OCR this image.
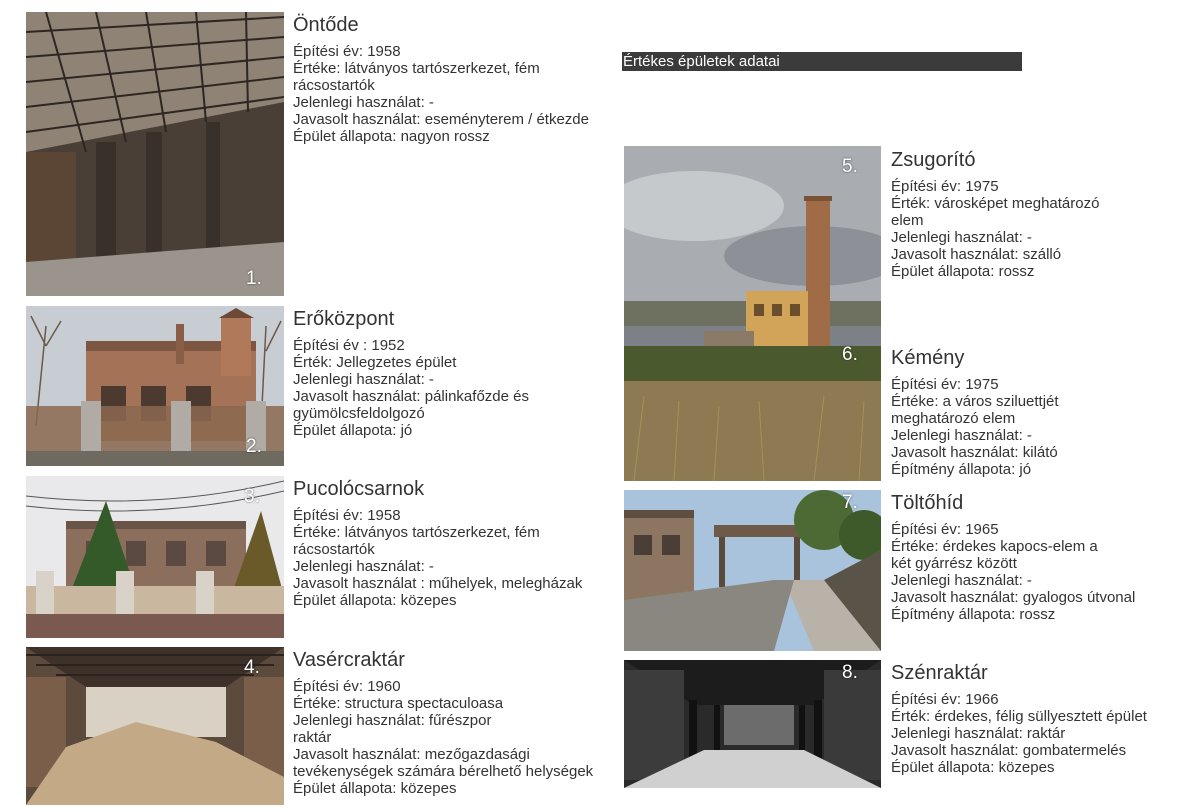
Értékes épületek adatai
1.
2.
3.
4.
5.
6.
7.
8.
Öntőde
Építési év: 1958
Értéke: látványos tartószerkezet, fém
rácsostartók
Jelenlegi használat: -
Javasolt használat: eseményterem / étkezde
Épület állapota: nagyon rossz
Erőközpont
Építési év : 1952
Érték: Jellegzetes épület
Jelenlegi használat: -
Javasolt használat: pálinkafőzde és
gyümölcsfeldolgozó
Épület állapota: jó
Pucolócsarnok
Építési év: 1958
Értéke: látványos tartószerkezet, fém
rácsostartók
Jelenlegi használat: -
Javasolt használat : műhelyek, melegházak
Épület állapota: közepes
Vasércraktár
Építési év: 1960
Értéke: structura spectaculoasa
Jelenlegi használat: fűrészpor
raktár
Javasolt használat: mezőgazdasági
tevékenységek számára bérelhető helységek
Épület állapota: közepes
Zsugorító
Építési év: 1975
Érték: városképet meghatározó
elem
Jelenlegi használat: -
Javasolt használat: szálló
Épület állapota: rossz
Kémény
Építési év: 1975
Értéke: a város sziluettjét
meghatározó elem
Jelenlegi használat: -
Javasolt használat: kilátó
Építmény állapota: jó
Töltőhíd
Építési év: 1965
Értéke: érdekes kapocs-elem a
két gyárrész között
Jelenlegi használat: -
Javasolt használat: gyalogos útvonal
Építmény állapota: rossz
Szénraktár
Építési év: 1966
Érték: érdekes, félig süllyesztett épület
Jelenlegi használat: raktár
Javasolt használat: gombatermelés
Épület állapota: közepes
